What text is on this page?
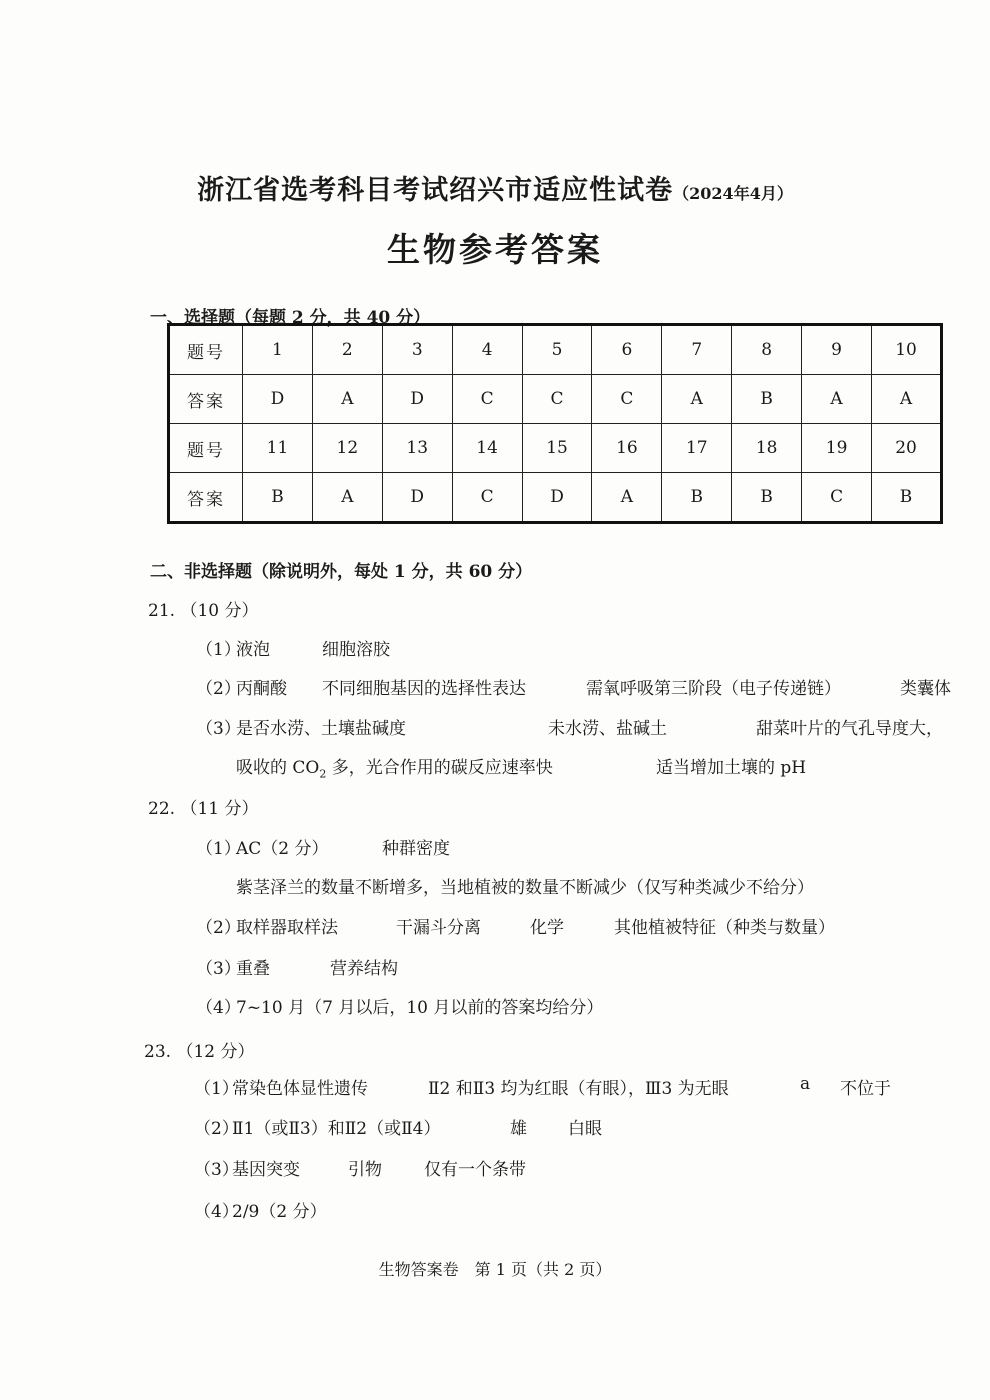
浙江省选考科目考试绍兴市适应性试卷（2024年4月）
生物参考答案
一、选择题（每题 2 分，共 40 分）
题号	1	2	3	4	5	6	7	8	9	10
答案	D	A	D	C	C	C	A	B	A	A
题号	11	12	13	14	15	16	17	18	19	20
答案	B	A	D	C	D	A	B	B	C	B
二、非选择题（除说明外，每处 1 分，共 60 分）
21. （10 分）
（1）
液泡	细胞溶胶
（2）
丙酮酸 不同细胞基因的选择性表达	需氧呼吸第三阶段（电子传递链）	类囊体
（3）
是否水涝、土壤盐碱度	未水涝、盐碱土	甜菜叶片的气孔导度大，
吸收的 $CO_2$ 多，光合作用的碳反应速率快	适当增加土壤的 pH
22. （11 分）
（1）
AC（2 分）	种群密度
紫茎泽兰的数量不断增多，当地植被的数量不断减少（仅写种类减少不给分）
（2）
取样器取样法	干漏斗分离	化学	其他植被特征（种类与数量）
（3）
重叠	营养结构
（4）
7~10 月（7 月以后，10 月以前的答案均给分）
23. （12 分）
（1）
常染色体显性遗传	Ⅱ2 和Ⅱ3 均为红眼（有眼），Ⅲ3 为无眼	a 不位于
（2）
Ⅱ1（或Ⅱ3）和Ⅱ2（或Ⅱ4）	雄 白眼
（3）
基因突变	引物 仅有一个条带
（4）
2/9（2 分）
生物答案卷　第 1 页（共 2 页）
